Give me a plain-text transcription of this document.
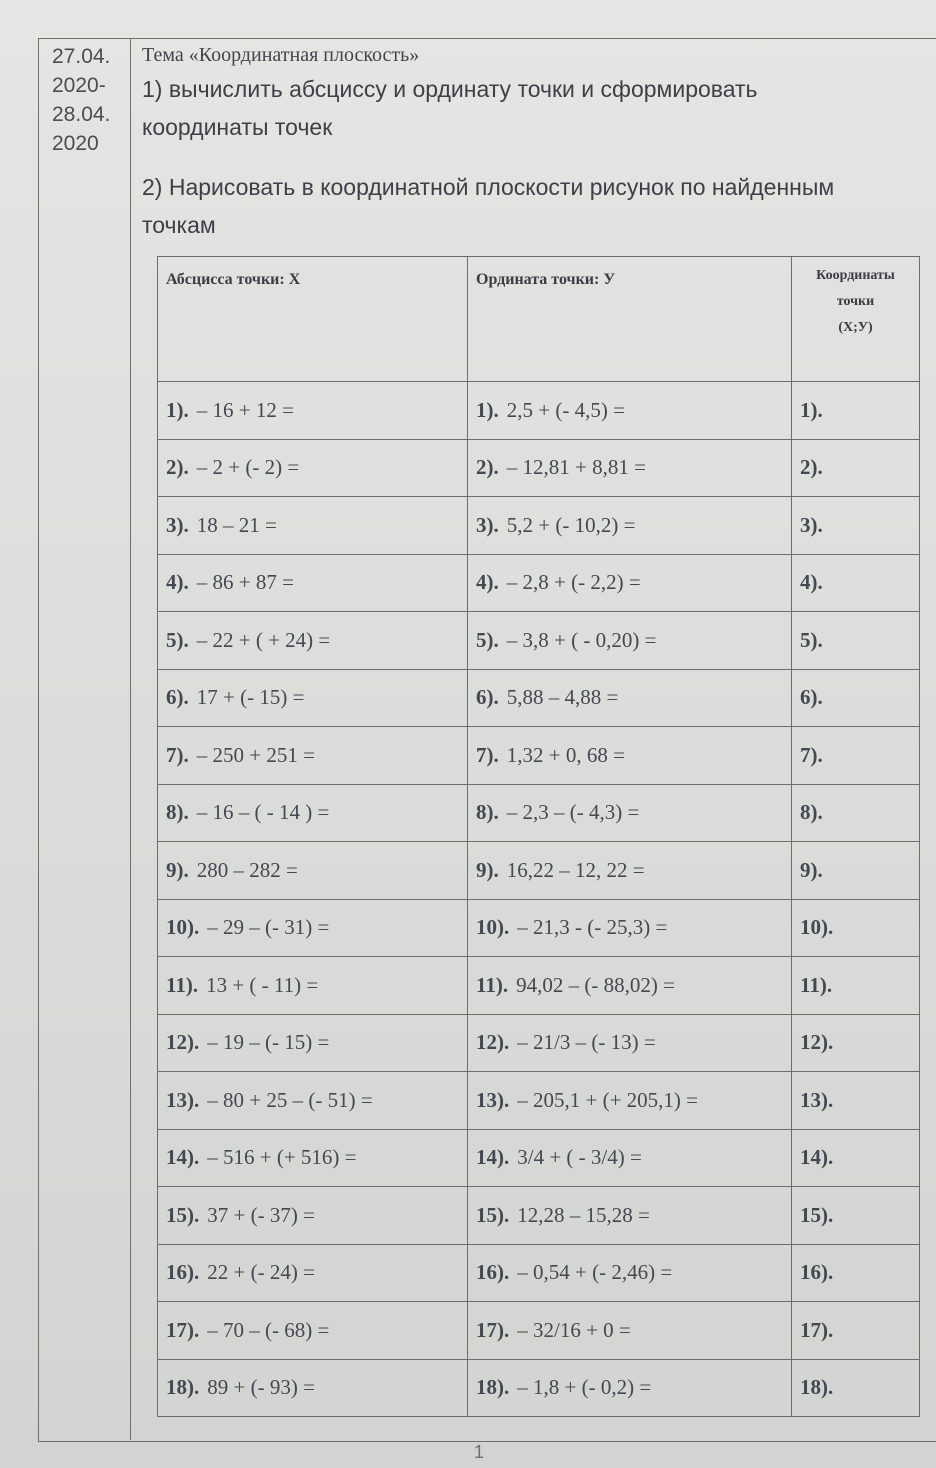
27.04.
2020-
28.04.
2020
Тема «Координатная плоскость»
1) вычислить абсциссу и ординату точки и сформировать координаты точек
2) Нарисовать в координатной плоскости рисунок по найденным точкам
Абсцисса точки: Х	Ордината точки: У	Координаты
точки
(Х;У)

1). – 16 + 12 =	1). 2,5 + (- 4,5) =	1).
2). – 2 + (- 2) =	2). – 12,81 + 8,81 =	2).
3). 18 – 21 =	3). 5,2 + (- 10,2) =	3).
4). – 86 + 87 =	4). – 2,8 + (- 2,2) =	4).
5). – 22 + ( + 24) =	5). – 3,8 + ( - 0,20) =	5).
6). 17 + (- 15) =	6). 5,88 – 4,88 =	6).
7). – 250 + 251 =	7). 1,32 + 0, 68 =	7).
8). – 16 – ( - 14 ) =	8). – 2,3 – (- 4,3) =	8).
9). 280 – 282 =	9). 16,22 – 12, 22 =	9).
10). – 29 – (- 31) =	10). – 21,3 - (- 25,3) =	10).
11). 13 + ( - 11) =	11). 94,02 – (- 88,02) =	11).
12). – 19 – (- 15) =	12). – 21/3 – (- 13) =	12).
13). – 80 + 25 – (- 51) =	13). – 205,1 + (+ 205,1) =	13).
14). – 516 + (+ 516) =	14). 3/4 + ( - 3/4) =	14).
15). 37 + (- 37) =	15). 12,28 – 15,28 =	15).
16). 22 + (- 24) =	16). – 0,54 + (- 2,46) =	16).
17). – 70 – (- 68) =	17). – 32/16 + 0 =	17).
18). 89 + (- 93) =	18). – 1,8 + (- 0,2) =	18).
1
